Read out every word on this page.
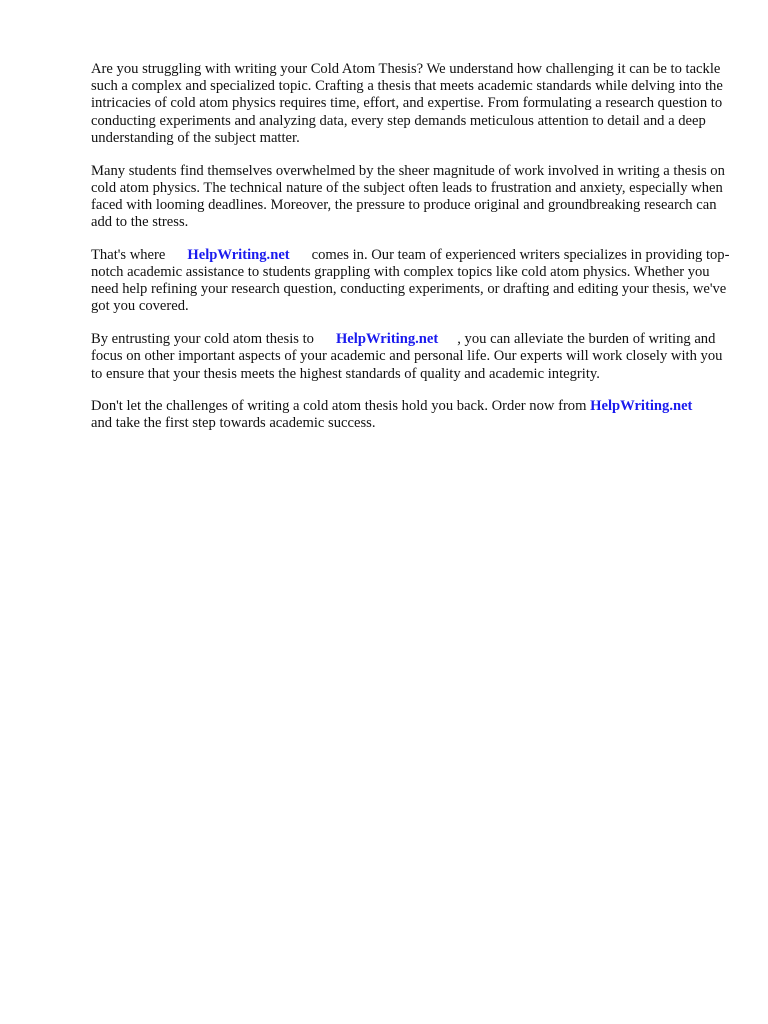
Are you struggling with writing your Cold Atom Thesis? We understand how challenging it can be to tackle such a complex and specialized topic. Crafting a thesis that meets academic standards while delving into the intricacies of cold atom physics requires time, effort, and expertise. From formulating a research question to conducting experiments and analyzing data, every step demands meticulous attention to detail and a deep understanding of the subject matter.

Many students find themselves overwhelmed by the sheer magnitude of work involved in writing a thesis on cold atom physics. The technical nature of the subject often leads to frustration and anxiety, especially when faced with looming deadlines. Moreover, the pressure to produce original and groundbreaking research can add to the stress.

That's where HelpWriting.net comes in. Our team of experienced writers specializes in providing top-notch academic assistance to students grappling with complex topics like cold atom physics. Whether you need help refining your research question, conducting experiments, or drafting and editing your thesis, we've got you covered.

By entrusting your cold atom thesis to HelpWriting.net , you can alleviate the burden of writing and focus on other important aspects of your academic and personal life. Our experts will work closely with you to ensure that your thesis meets the highest standards of quality and academic integrity.

Don't let the challenges of writing a cold atom thesis hold you back. Order now from HelpWriting.netand take the first step towards academic success.
